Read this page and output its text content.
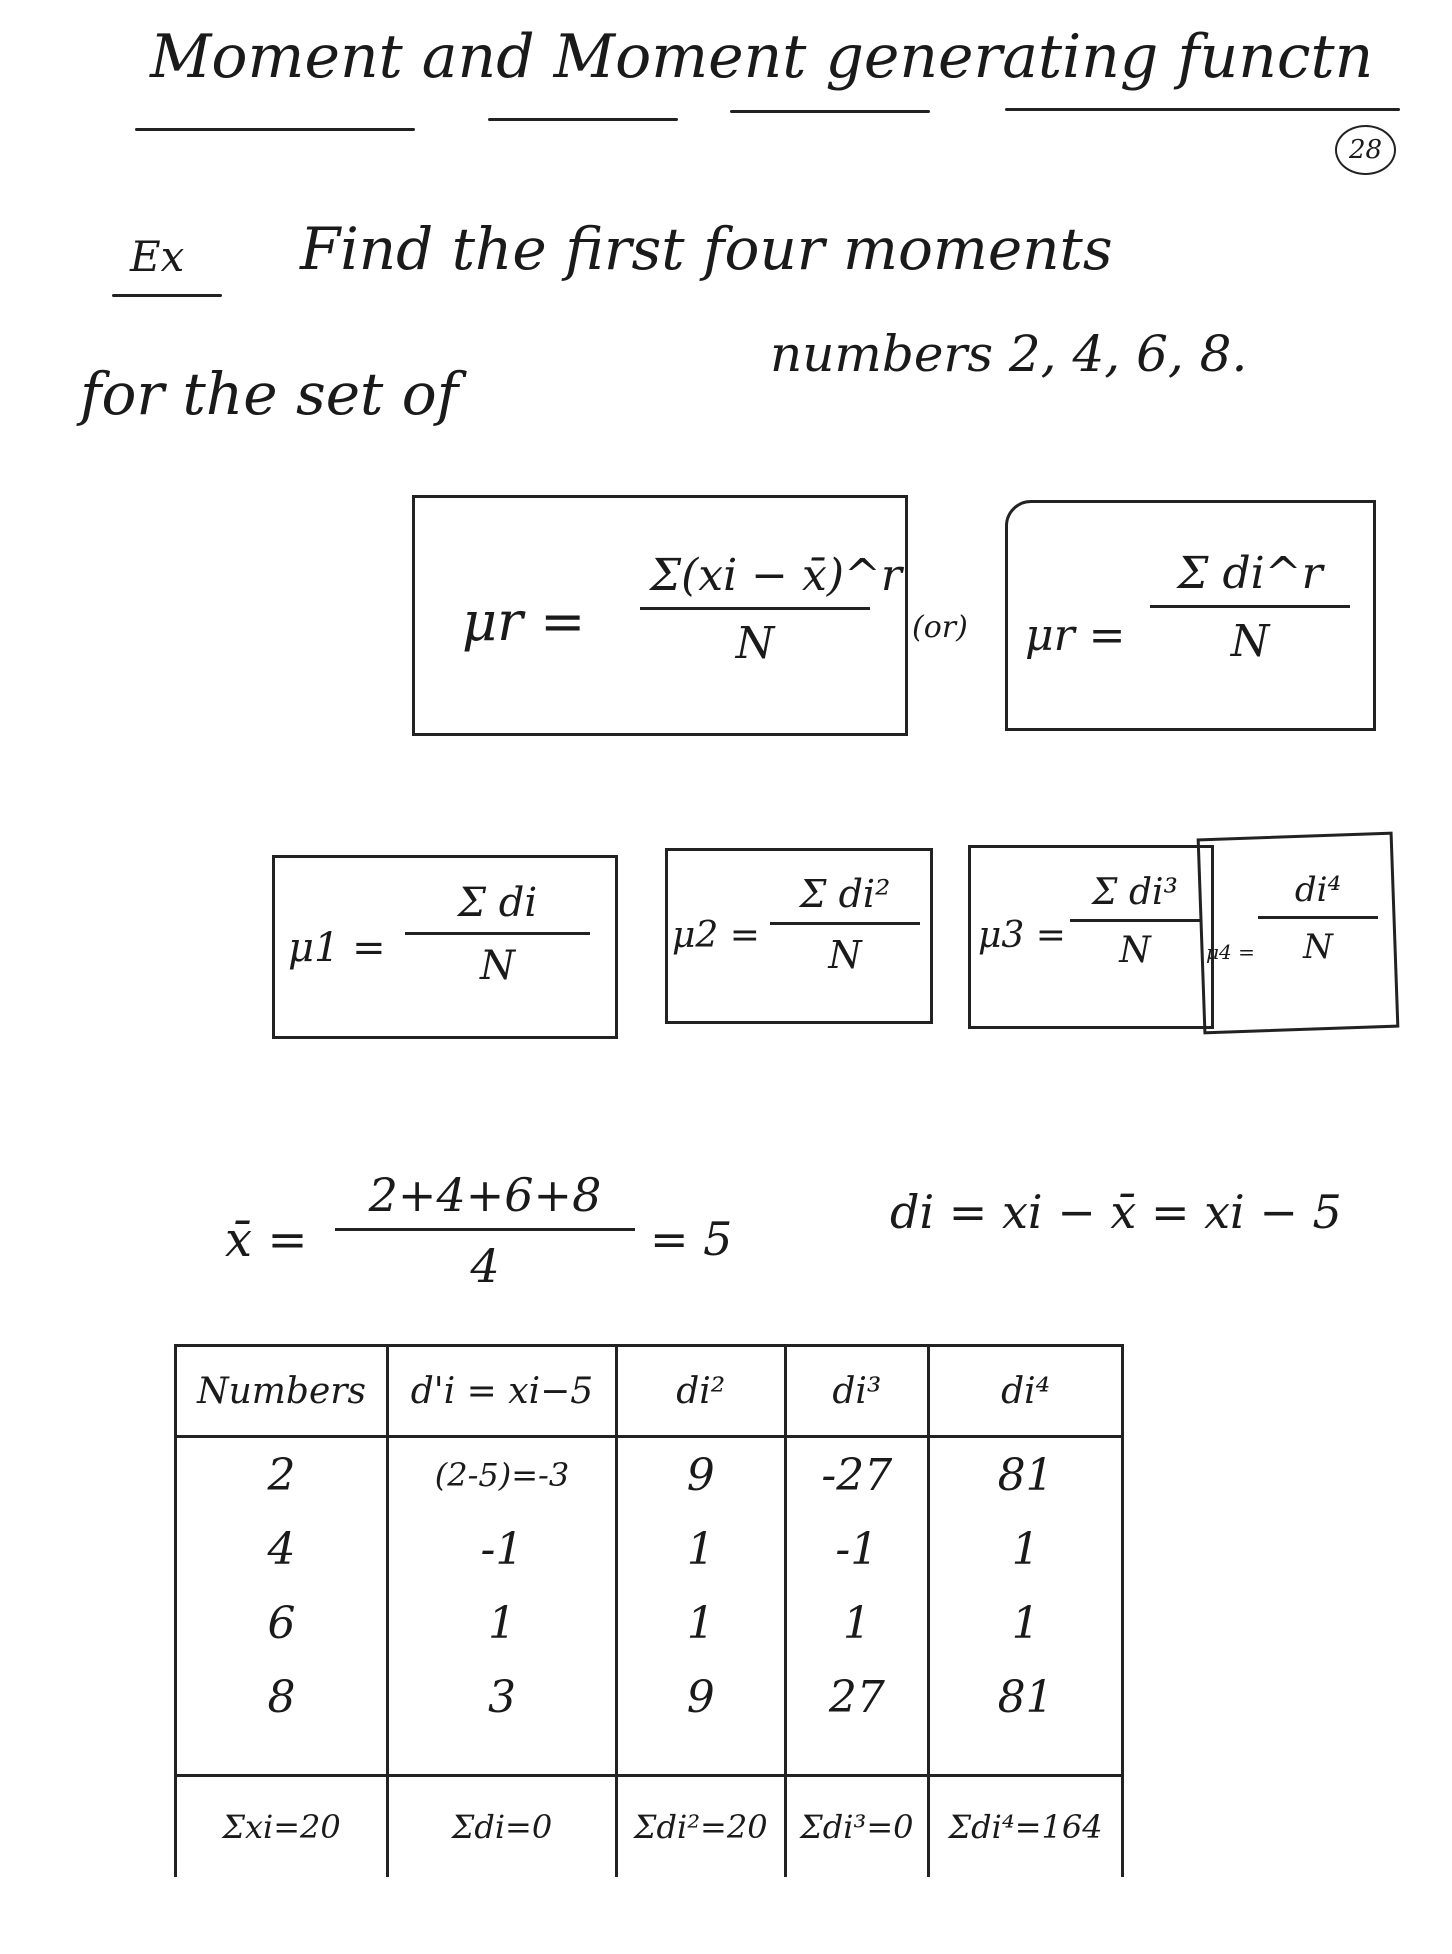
Moment and Moment generating functn
28
Ex Find the first four moments
for the set of
numbers 2, 4, 6, 8.
$\mu r = \frac{\Sigma(xi - x̄)\^{}r}{N} (or) \mu r = \frac{\text{Σ di\textasciicircum{}r}}{N}$
$\mu 1 = \frac{\text{Σ di}}{N} \mu 2 = \frac{\text{Σ di²}}{N} \mu 3 = \frac{\text{Σ di³}}{N} \mu 4 = \frac{\text{di⁴}}{N}$
x̄ = $\frac{2+4+6+8}{4} = 5$	di = xi − x̄ = xi − 5
Numbers	d'i = xi−5	di²	di³	di⁴
2	(2-5)=-3	9	-27	81
4	-1	1	-1	1
6	1	1	1	1
8	3	9	27	81

Σxi=20	Σdi=0	Σdi²=20	Σdi³=0	Σdi⁴=164
